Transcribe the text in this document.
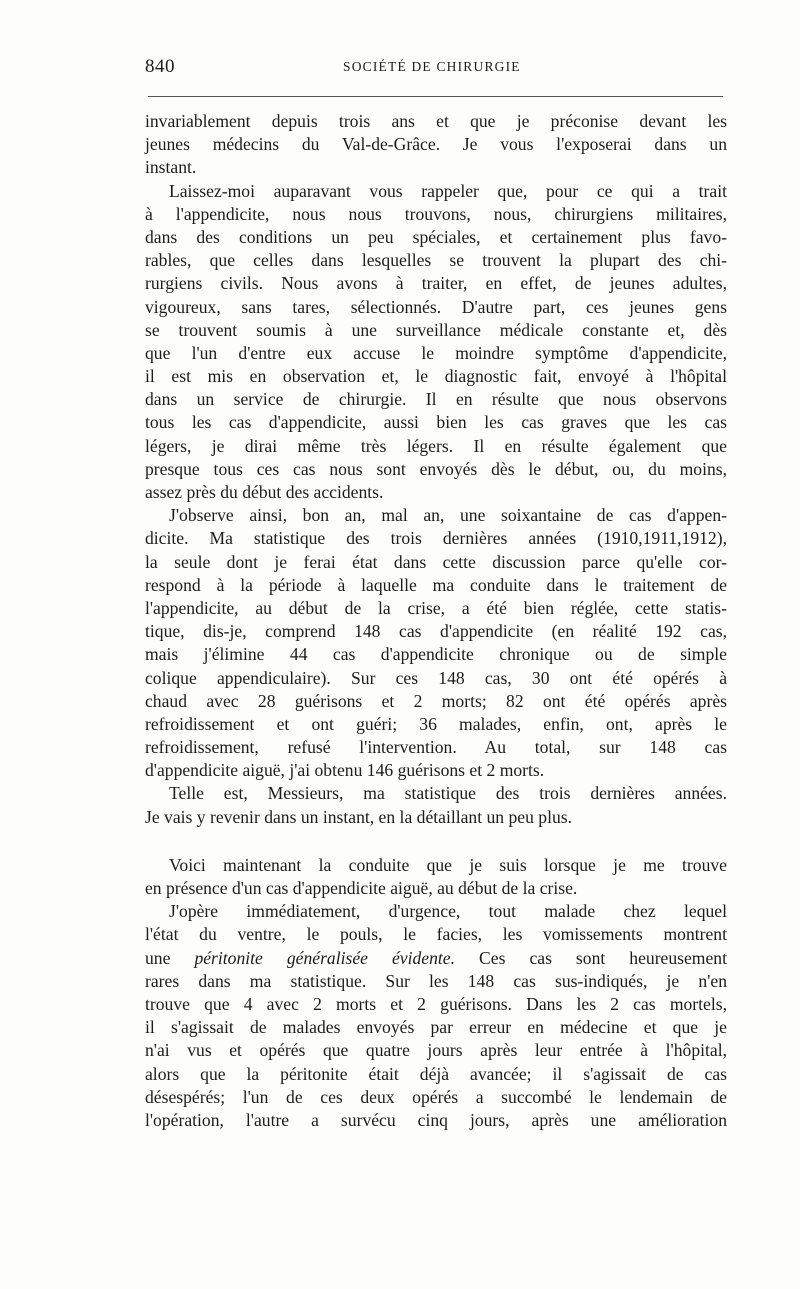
840	SOCIÉTÉ DE CHIRURGIE
invariablement depuis trois ans et que je préconise devant les
jeunes médecins du Val-de-Grâce. Je vous l'exposerai dans un
instant.
Laissez-moi auparavant vous rappeler que, pour ce qui a trait
à l'appendicite, nous nous trouvons, nous, chirurgiens militaires,
dans des conditions un peu spéciales, et certainement plus favo-
rables, que celles dans lesquelles se trouvent la plupart des chi-
rurgiens civils. Nous avons à traiter, en effet, de jeunes adultes,
vigoureux, sans tares, sélectionnés. D'autre part, ces jeunes gens
se trouvent soumis à une surveillance médicale constante et, dès
que l'un d'entre eux accuse le moindre symptôme d'appendicite,
il est mis en observation et, le diagnostic fait, envoyé à l'hôpital
dans un service de chirurgie. Il en résulte que nous observons
tous les cas d'appendicite, aussi bien les cas graves que les cas
légers, je dirai même très légers. Il en résulte également que
presque tous ces cas nous sont envoyés dès le début, ou, du moins,
assez près du début des accidents.
J'observe ainsi, bon an, mal an, une soixantaine de cas d'appen-
dicite. Ma statistique des trois dernières années (1910,1911,1912),
la seule dont je ferai état dans cette discussion parce qu'elle cor-
respond à la période à laquelle ma conduite dans le traitement de
l'appendicite, au début de la crise, a été bien réglée, cette statis-
tique, dis-je, comprend 148 cas d'appendicite (en réalité 192 cas,
mais j'élimine 44 cas d'appendicite chronique ou de simple
colique appendiculaire). Sur ces 148 cas, 30 ont été opérés à
chaud avec 28 guérisons et 2 morts; 82 ont été opérés après
refroidissement et ont guéri; 36 malades, enfin, ont, après le
refroidissement, refusé l'intervention. Au total, sur 148 cas
d'appendicite aiguë, j'ai obtenu 146 guérisons et 2 morts.
Telle est, Messieurs, ma statistique des trois dernières années.
Je vais y revenir dans un instant, en la détaillant un peu plus.
Voici maintenant la conduite que je suis lorsque je me trouve
en présence d'un cas d'appendicite aiguë, au début de la crise.
J'opère immédiatement, d'urgence, tout malade chez lequel
l'état du ventre, le pouls, le facies, les vomissements montrent
une péritonite généralisée évidente. Ces cas sont heureusement
rares dans ma statistique. Sur les 148 cas sus-indiqués, je n'en
trouve que 4 avec 2 morts et 2 guérisons. Dans les 2 cas mortels,
il s'agissait de malades envoyés par erreur en médecine et que je
n'ai vus et opérés que quatre jours après leur entrée à l'hôpital,
alors que la péritonite était déjà avancée; il s'agissait de cas
désespérés; l'un de ces deux opérés a succombé le lendemain de
l'opération, l'autre a survécu cinq jours, après une amélioration
